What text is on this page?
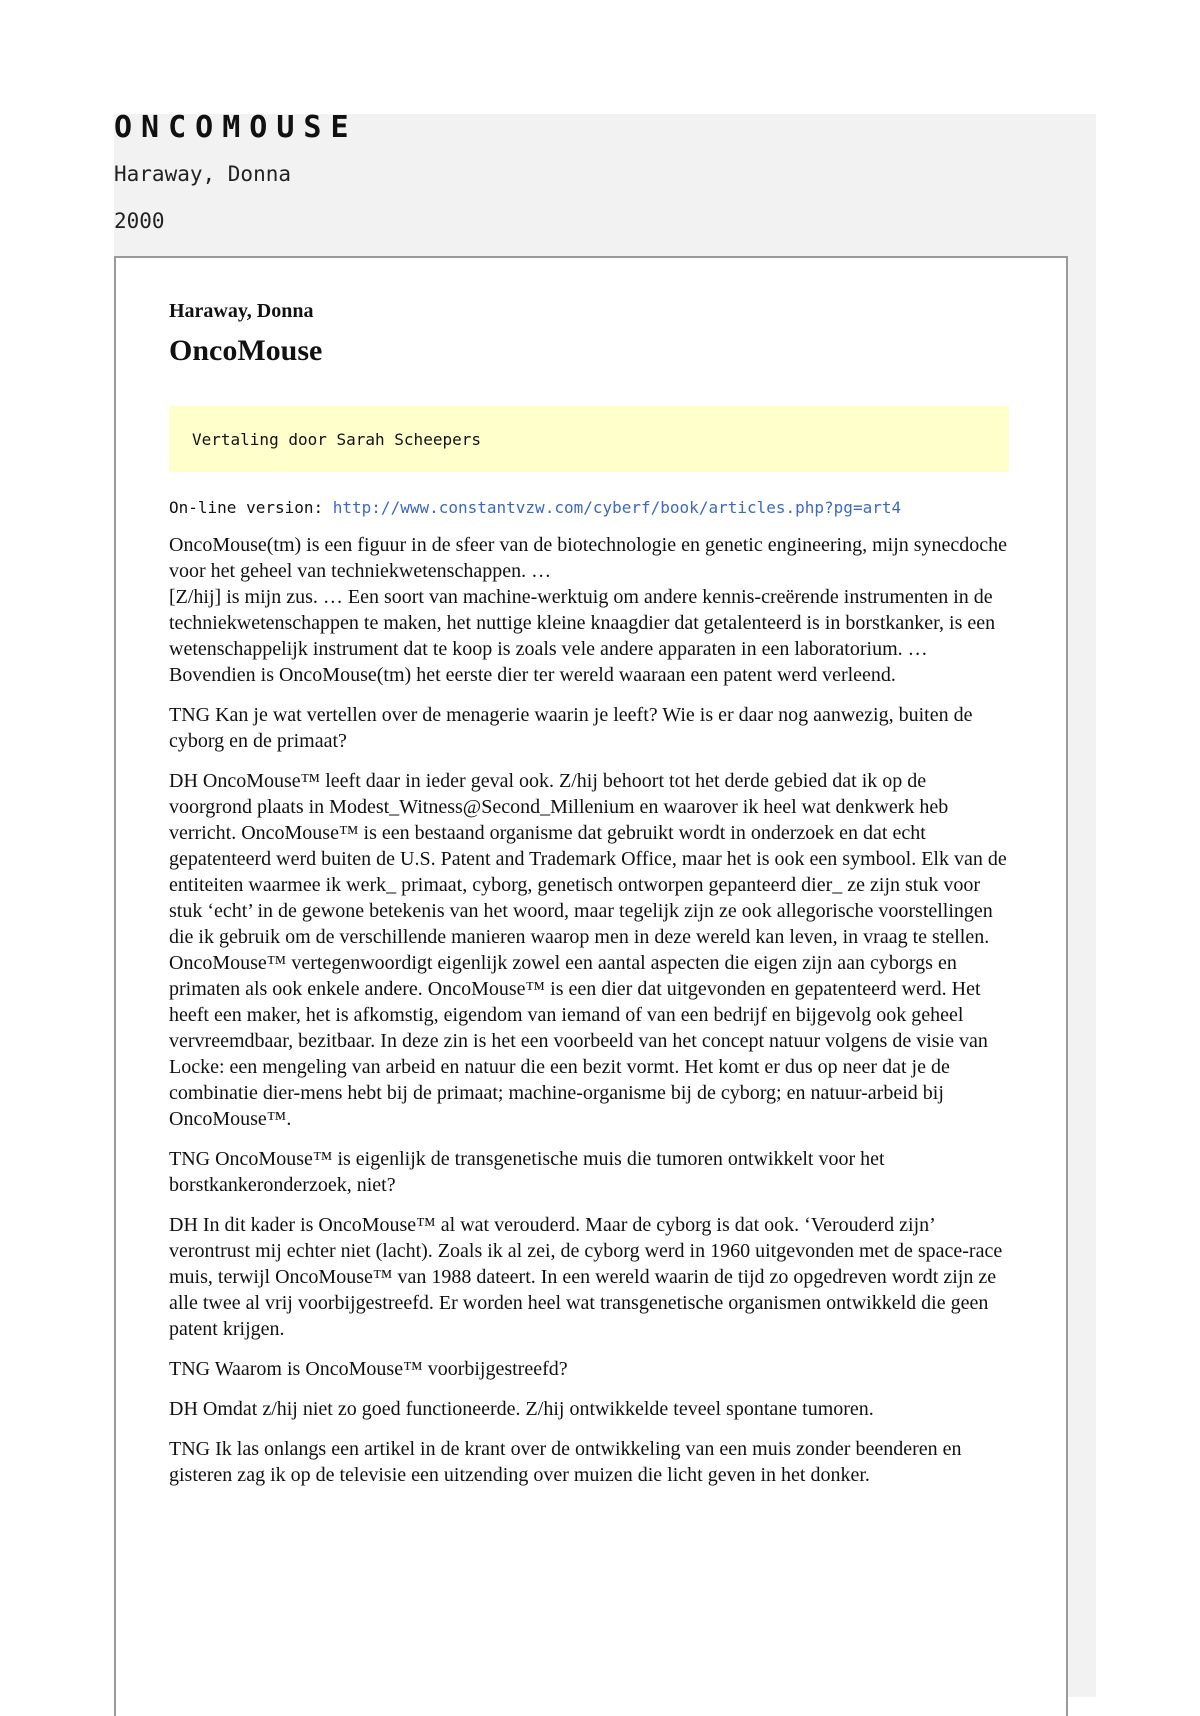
ONCOMOUSE
Haraway, Donna
2000
Haraway, Donna
OncoMouse
Vertaling door Sarah Scheepers
On-line version: http://www.constantvzw.com/cyberf/book/articles.php?pg=art4
OncoMouse(tm) is een figuur in de sfeer van de biotechnologie en genetic engineering, mijn synecdoche voor het geheel van techniekwetenschappen. …
[Z/hij] is mijn zus. … Een soort van machine-werktuig om andere kennis-creërende instrumenten in de techniekwetenschappen te maken, het nuttige kleine knaagdier dat getalenteerd is in borstkanker, is een wetenschappelijk instrument dat te koop is zoals vele andere apparaten in een laboratorium. … Bovendien is OncoMouse(tm) het eerste dier ter wereld waaraan een patent werd verleend.
TNG Kan je wat vertellen over de menagerie waarin je leeft? Wie is er daar nog aanwezig, buiten de cyborg en de primaat?
DH OncoMouse™ leeft daar in ieder geval ook. Z/hij behoort tot het derde gebied dat ik op de voorgrond plaats in Modest_Witness@Second_Millenium en waarover ik heel wat denkwerk heb verricht. OncoMouse™ is een bestaand organisme dat gebruikt wordt in onderzoek en dat echt gepatenteerd werd buiten de U.S. Patent and Trademark Office, maar het is ook een symbool. Elk van de entiteiten waarmee ik werk_ primaat, cyborg, genetisch ontworpen gepanteerd dier_ ze zijn stuk voor stuk ‘echt’ in de gewone betekenis van het woord, maar tegelijk zijn ze ook allegorische voorstellingen die ik gebruik om de verschillende manieren waarop men in deze wereld kan leven, in vraag te stellen. OncoMouse™ vertegenwoordigt eigenlijk zowel een aantal aspecten die eigen zijn aan cyborgs en primaten als ook enkele andere. OncoMouse™ is een dier dat uitgevonden en gepatenteerd werd. Het heeft een maker, het is afkomstig, eigendom van iemand of van een bedrijf en bijgevolg ook geheel vervreemdbaar, bezitbaar. In deze zin is het een voorbeeld van het concept natuur volgens de visie van Locke: een mengeling van arbeid en natuur die een bezit vormt. Het komt er dus op neer dat je de combinatie dier-mens hebt bij de primaat; machine-organisme bij de cyborg; en natuur-arbeid bij OncoMouse™.
TNG OncoMouse™ is eigenlijk de transgenetische muis die tumoren ontwikkelt voor het borstkankeronderzoek, niet?
DH In dit kader is OncoMouse™ al wat verouderd. Maar de cyborg is dat ook. ‘Verouderd zijn’ verontrust mij echter niet (lacht). Zoals ik al zei, de cyborg werd in 1960 uitgevonden met de space-race muis, terwijl OncoMouse™ van 1988 dateert. In een wereld waarin de tijd zo opgedreven wordt zijn ze alle twee al vrij voorbijgestreefd. Er worden heel wat transgenetische organismen ontwikkeld die geen patent krijgen.
TNG Waarom is OncoMouse™ voorbijgestreefd?
DH Omdat z/hij niet zo goed functioneerde. Z/hij ontwikkelde teveel spontane tumoren.
TNG Ik las onlangs een artikel in de krant over de ontwikkeling van een muis zonder beenderen en gisteren zag ik op de televisie een uitzending over muizen die licht geven in het donker.
